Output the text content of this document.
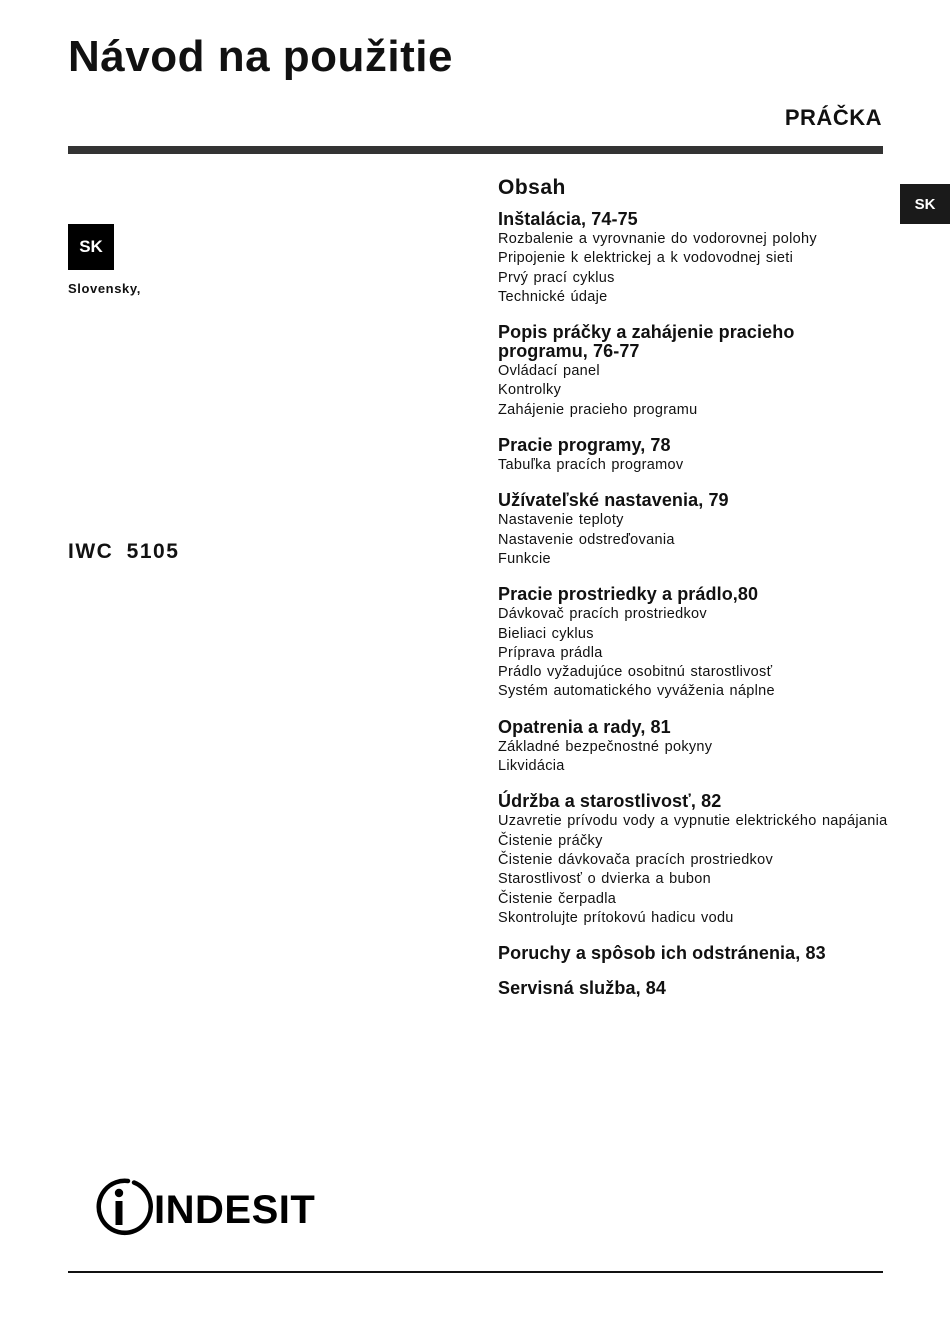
Návod na použitie
PRÁČKA
SK
SK
Slovensky,
IWC 5105
Obsah
Inštalácia, 74-75
Rozbalenie a vyrovnanie do vodorovnej polohy
Pripojenie k elektrickej a k vodovodnej sieti
Prvý prací cyklus
Technické údaje
Popis práčky a zahájenie pracieho programu, 76-77
Ovládací panel
Kontrolky
Zahájenie pracieho programu
Pracie programy, 78
Tabuľka pracích programov
Užívateľské nastavenia, 79
Nastavenie teploty
Nastavenie odstreďovania
Funkcie
Pracie prostriedky a prádlo,80
Dávkovač pracích prostriedkov
Bieliaci cyklus
Príprava prádla
Prádlo vyžadujúce osobitnú starostlivosť
Systém automatického vyváženia náplne
Opatrenia a rady, 81
Základné bezpečnostné pokyny
Likvidácia
Údržba a starostlivosť, 82
Uzavretie prívodu vody a vypnutie elektrického napájania
Čistenie práčky
Čistenie dávkovača pracích prostriedkov
Starostlivosť o dvierka a bubon
Čistenie čerpadla
Skontrolujte prítokovú hadicu vodu
Poruchy a spôsob ich odstránenia, 83
Servisná služba, 84
INDESIT
